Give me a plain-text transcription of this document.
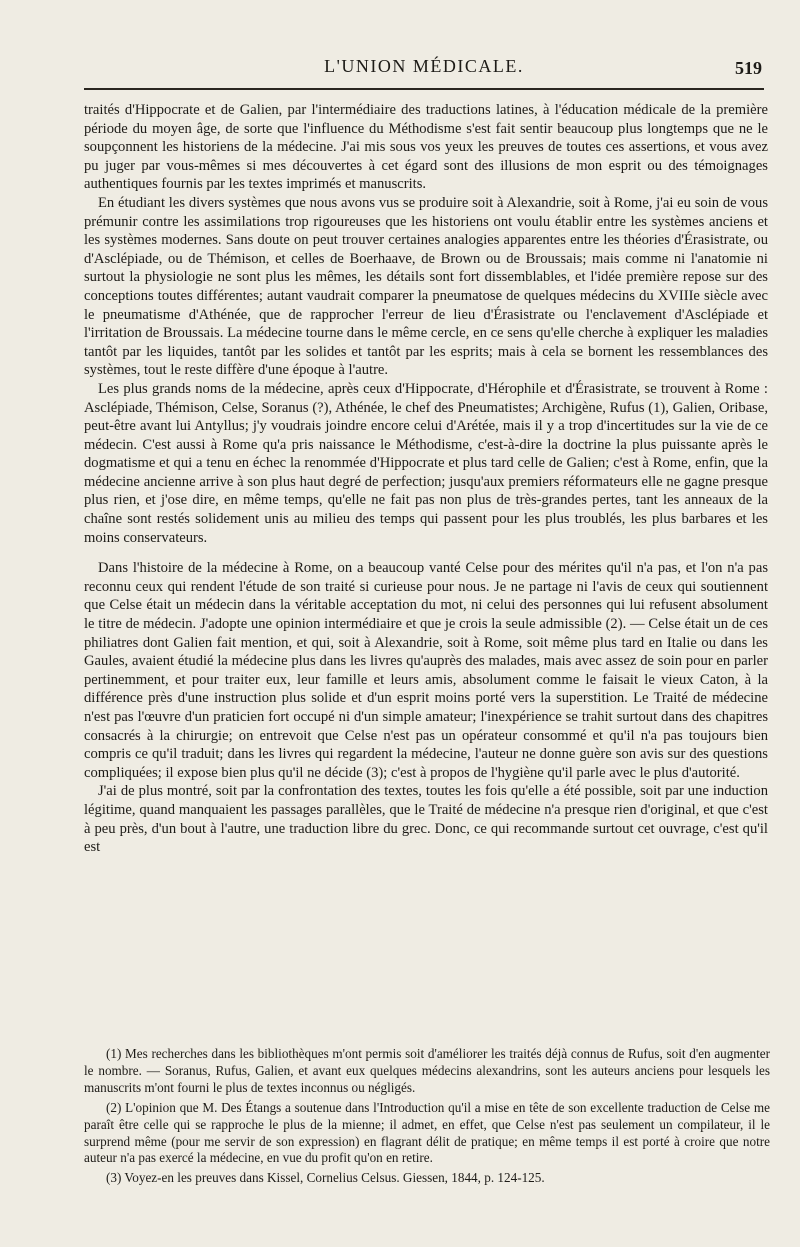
L'UNION MÉDICALE.	519

traités d'Hippocrate et de Galien, par l'intermédiaire des traductions latines, à l'éducation médicale de la première période du moyen âge, de sorte que l'influence du Méthodisme s'est fait sentir beaucoup plus longtemps que ne le soupçonnent les historiens de la médecine. J'ai mis sous vos yeux les preuves de toutes ces assertions, et vous avez pu juger par vous-mêmes si mes découvertes à cet égard sont des illusions de mon esprit ou des témoignages authentiques fournis par les textes imprimés et manuscrits.

En étudiant les divers systèmes que nous avons vus se produire soit à Alexandrie, soit à Rome, j'ai eu soin de vous prémunir contre les assimilations trop rigoureuses que les historiens ont voulu établir entre les systèmes anciens et les systèmes modernes. Sans doute on peut trouver certaines analogies apparentes entre les théories d'Érasistrate, ou d'Asclépiade, ou de Thémison, et celles de Boerhaave, de Brown ou de Broussais; mais comme ni l'anatomie ni surtout la physiologie ne sont plus les mêmes, les détails sont fort dissemblables, et l'idée première repose sur des conceptions toutes différentes; autant vaudrait comparer la pneumatose de quelques médecins du XVIIIe siècle avec le pneumatisme d'Athénée, que de rapprocher l'erreur de lieu d'Érasistrate ou l'enclavement d'Asclépiade et l'irritation de Broussais. La médecine tourne dans le même cercle, en ce sens qu'elle cherche à expliquer les maladies tantôt par les liquides, tantôt par les solides et tantôt par les esprits; mais à cela se bornent les ressemblances des systèmes, tout le reste diffère d'une époque à l'autre.

Les plus grands noms de la médecine, après ceux d'Hippocrate, d'Hérophile et d'Érasistrate, se trouvent à Rome : Asclépiade, Thémison, Celse, Soranus (?), Athénée, le chef des Pneumatistes; Archigène, Rufus (1), Galien, Oribase, peut-être avant lui Antyllus; j'y voudrais joindre encore celui d'Arétée, mais il y a trop d'incertitudes sur la vie de ce médecin. C'est aussi à Rome qu'a pris naissance le Méthodisme, c'est-à-dire la doctrine la plus puissante après le dogmatisme et qui a tenu en échec la renommée d'Hippocrate et plus tard celle de Galien; c'est à Rome, enfin, que la médecine ancienne arrive à son plus haut degré de perfection; jusqu'aux premiers réformateurs elle ne gagne presque plus rien, et j'ose dire, en même temps, qu'elle ne fait pas non plus de très-grandes pertes, tant les anneaux de la chaîne sont restés solidement unis au milieu des temps qui passent pour les plus troublés, les plus barbares et les moins conservateurs.

Dans l'histoire de la médecine à Rome, on a beaucoup vanté Celse pour des mérites qu'il n'a pas, et l'on n'a pas reconnu ceux qui rendent l'étude de son traité si curieuse pour nous. Je ne partage ni l'avis de ceux qui soutiennent que Celse était un médecin dans la véritable acceptation du mot, ni celui des personnes qui lui refusent absolument le titre de médecin. J'adopte une opinion intermédiaire et que je crois la seule admissible (2). — Celse était un de ces philiatres dont Galien fait mention, et qui, soit à Alexandrie, soit à Rome, soit même plus tard en Italie ou dans les Gaules, avaient étudié la médecine plus dans les livres qu'auprès des malades, mais avec assez de soin pour en parler pertinemment, et pour traiter eux, leur famille et leurs amis, absolument comme le faisait le vieux Caton, à la différence près d'une instruction plus solide et d'un esprit moins porté vers la superstition. Le Traité de médecine n'est pas l'œuvre d'un praticien fort occupé ni d'un simple amateur; l'inexpérience se trahit surtout dans des chapitres consacrés à la chirurgie; on entrevoit que Celse n'est pas un opérateur consommé et qu'il n'a pas toujours bien compris ce qu'il traduit; dans les livres qui regardent la médecine, l'auteur ne donne guère son avis sur des questions compliquées; il expose bien plus qu'il ne décide (3); c'est à propos de l'hygiène qu'il parle avec le plus d'autorité.

J'ai de plus montré, soit par la confrontation des textes, toutes les fois qu'elle a été possible, soit par une induction légitime, quand manquaient les passages parallèles, que le Traité de médecine n'a presque rien d'original, et que c'est à peu près, d'un bout à l'autre, une traduction libre du grec. Donc, ce qui recommande surtout cet ouvrage, c'est qu'il est

(1) Mes recherches dans les bibliothèques m'ont permis soit d'améliorer les traités déjà connus de Rufus, soit d'en augmenter le nombre. — Soranus, Rufus, Galien, et avant eux quelques médecins alexandrins, sont les auteurs anciens pour lesquels les manuscrits m'ont fourni le plus de textes inconnus ou négligés.

(2) L'opinion que M. Des Étangs a soutenue dans l'Introduction qu'il a mise en tête de son excellente traduction de Celse me paraît être celle qui se rapproche le plus de la mienne; il admet, en effet, que Celse n'est pas seulement un compilateur, il le surprend même (pour me servir de son expression) en flagrant délit de pratique; en même temps il est porté à croire que notre auteur n'a pas exercé la médecine, en vue du profit qu'on en retire.

(3) Voyez-en les preuves dans Kissel, Cornelius Celsus. Giessen, 1844, p. 124-125.
